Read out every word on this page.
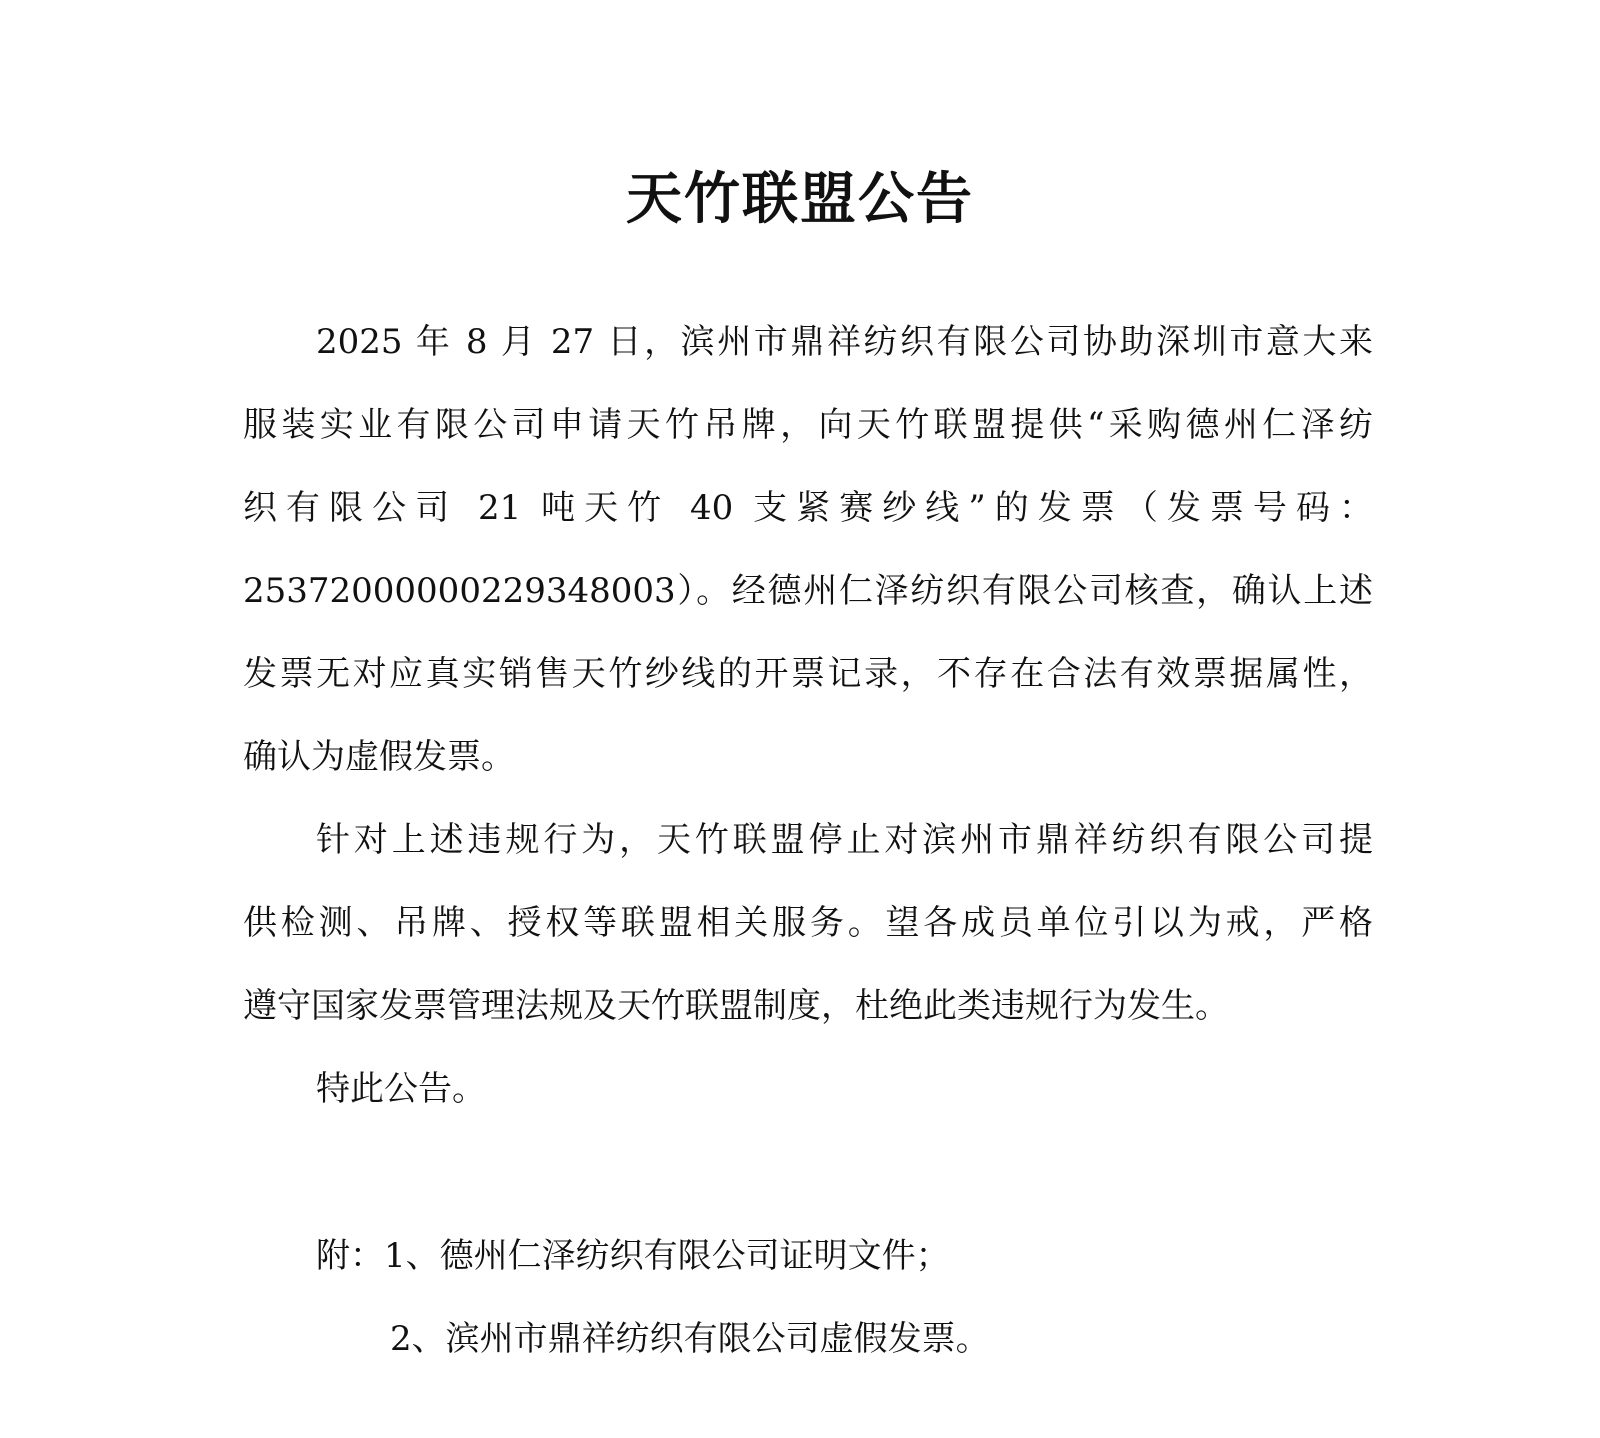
天竹联盟公告
2025 年 8 月 27 日，滨州市鼎祥纺织有限公司协助深圳市意大来
服装实业有限公司申请天竹吊牌，向天竹联盟提供“采购德州仁泽纺
织有限公司 21 吨天竹 40 支紧赛纱线”的发票（发票号码：
25372000000229348003）。经德州仁泽纺织有限公司核查，确认上述
发票无对应真实销售天竹纱线的开票记录，不存在合法有效票据属性，
确认为虚假发票。
针对上述违规行为，天竹联盟停止对滨州市鼎祥纺织有限公司提
供检测、吊牌、授权等联盟相关服务。望各成员单位引以为戒，严格
遵守国家发票管理法规及天竹联盟制度，杜绝此类违规行为发生。
特此公告。
附：1、德州仁泽纺织有限公司证明文件；
2、滨州市鼎祥纺织有限公司虚假发票。
